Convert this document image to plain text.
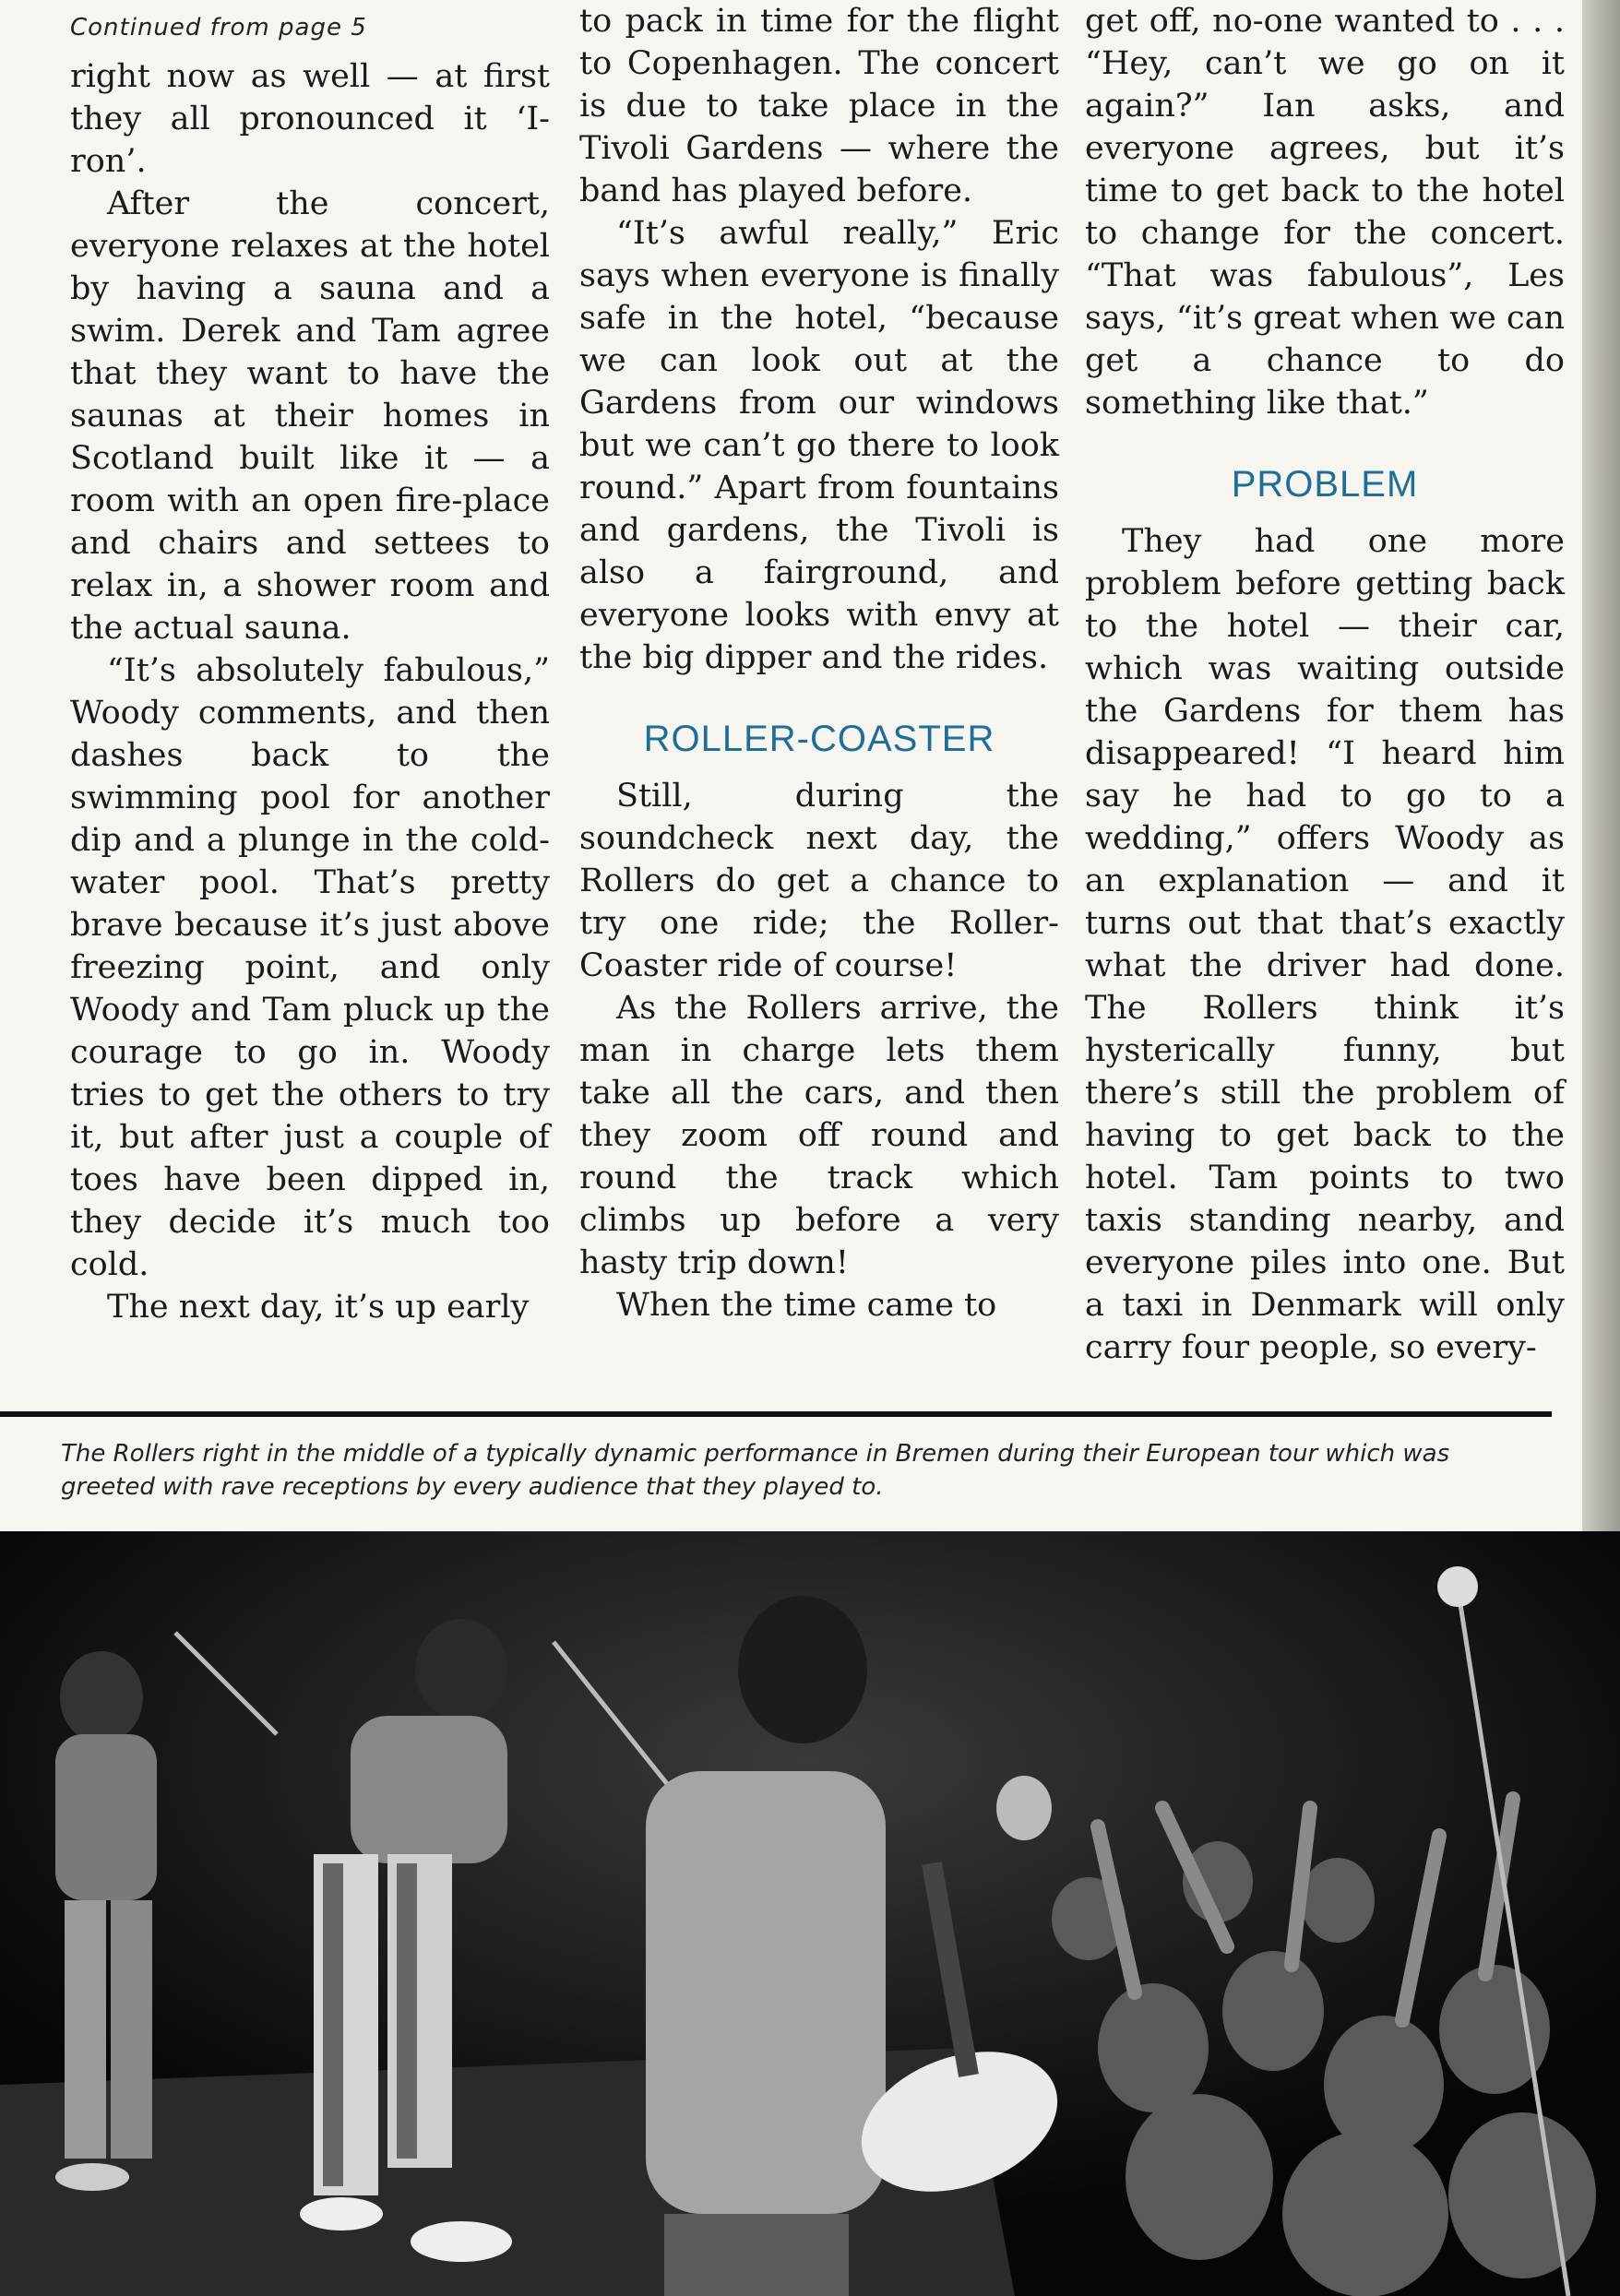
Continued from page 5

right now as well — at first they all pronounced it ‘I-ron’.

After the concert, everyone relaxes at the hotel by having a sauna and a swim. Derek and Tam agree that they want to have the saunas at their homes in Scotland built like it — a room with an open fire-place and chairs and settees to relax in, a shower room and the actual sauna.

“It’s absolutely fabulous,” Woody comments, and then dashes back to the swimming pool for another dip and a plunge in the cold-water pool. That’s pretty brave because it’s just above freezing point, and only Woody and Tam pluck up the courage to go in. Woody tries to get the others to try it, but after just a couple of toes have been dipped in, they decide it’s much too cold.

The next day, it’s up early

to pack in time for the flight to Copenhagen. The concert is due to take place in the Tivoli Gardens — where the band has played before.

“It’s awful really,” Eric says when everyone is finally safe in the hotel, “because we can look out at the Gardens from our windows but we can’t go there to look round.” Apart from fountains and gardens, the Tivoli is also a fairground, and everyone looks with envy at the big dipper and the rides.

ROLLER-COASTER

Still, during the soundcheck next day, the Rollers do get a chance to try one ride; the Roller-Coaster ride of course!

As the Rollers arrive, the man in charge lets them take all the cars, and then they zoom off round and round the track which climbs up before a very hasty trip down!

When the time came to

get off, no-one wanted to . . . “Hey, can’t we go on it again?” Ian asks, and everyone agrees, but it’s time to get back to the hotel to change for the concert. “That was fabulous”, Les says, “it’s great when we can get a chance to do something like that.”

PROBLEM

They had one more problem before getting back to the hotel — their car, which was waiting outside the Gardens for them has disappeared! “I heard him say he had to go to a wedding,” offers Woody as an explanation — and it turns out that that’s exactly what the driver had done. The Rollers think it’s hysterically funny, but there’s still the problem of having to get back to the hotel. Tam points to two taxis standing nearby, and everyone piles into one. But a taxi in Denmark will only carry four people, so every-

The Rollers right in the middle of a typically dynamic performance in Bremen during their European tour which was greeted with rave receptions by every audience that they played to.
